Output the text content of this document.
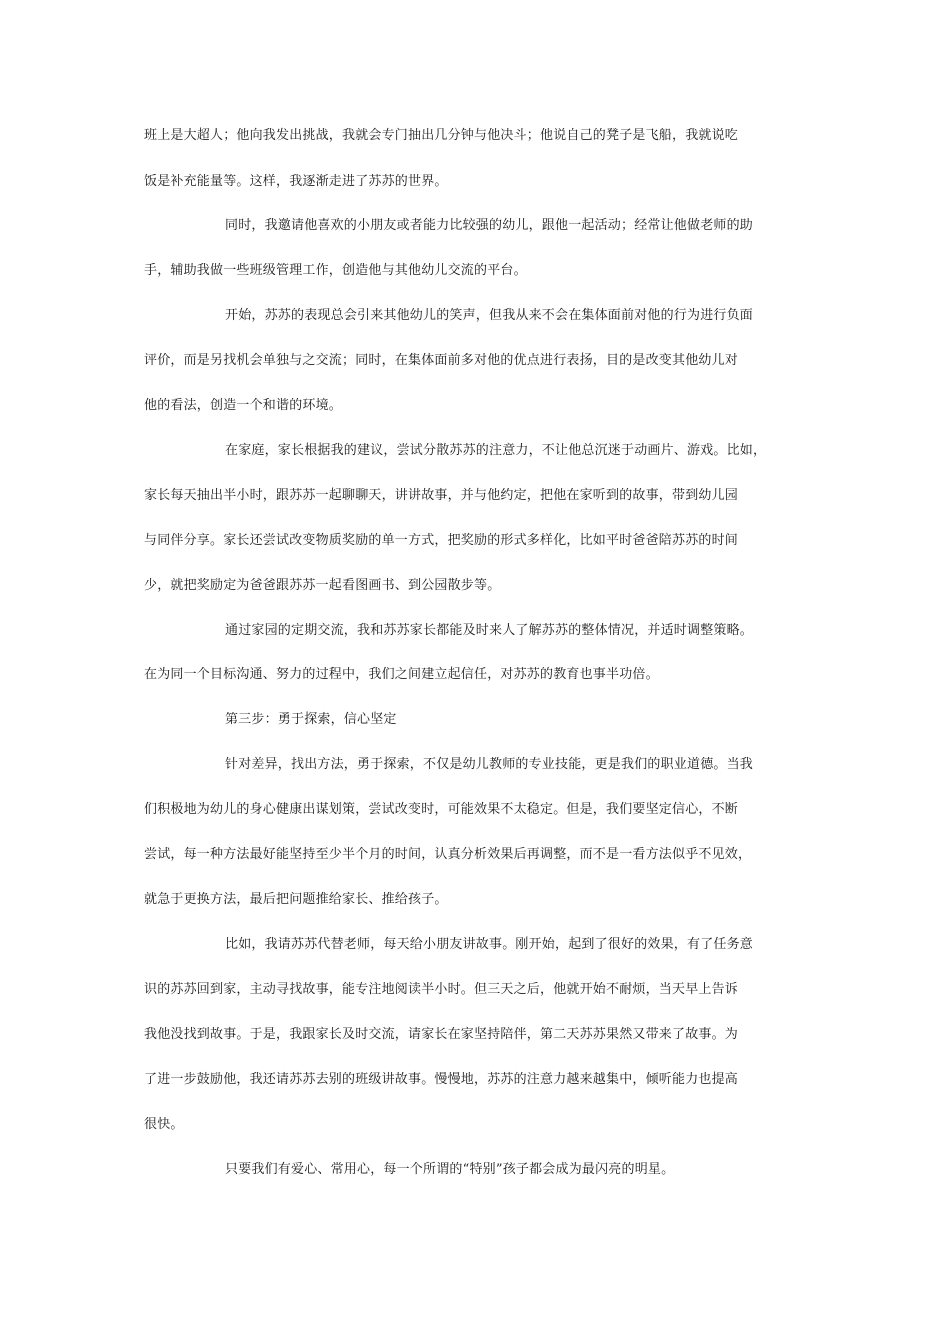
班上是大超人；他向我发出挑战，我就会专门抽出几分钟与他决斗；他说自己的凳子是飞船，我就说吃
饭是补充能量等。这样，我逐渐走进了苏苏的世界。
同时，我邀请他喜欢的小朋友或者能力比较强的幼儿，跟他一起活动；经常让他做老师的助
手，辅助我做一些班级管理工作，创造他与其他幼儿交流的平台。
开始，苏苏的表现总会引来其他幼儿的笑声，但我从来不会在集体面前对他的行为进行负面
评价，而是另找机会单独与之交流；同时，在集体面前多对他的优点进行表扬，目的是改变其他幼儿对
他的看法，创造一个和谐的环境。
在家庭，家长根据我的建议，尝试分散苏苏的注意力，不让他总沉迷于动画片、游戏。比如，
家长每天抽出半小时，跟苏苏一起聊聊天，讲讲故事，并与他约定，把他在家听到的故事，带到幼儿园
与同伴分享。家长还尝试改变物质奖励的单一方式，把奖励的形式多样化，比如平时爸爸陪苏苏的时间
少，就把奖励定为爸爸跟苏苏一起看图画书、到公园散步等。
通过家园的定期交流，我和苏苏家长都能及时来人了解苏苏的整体情况，并适时调整策略。
在为同一个目标沟通、努力的过程中，我们之间建立起信任，对苏苏的教育也事半功倍。
第三步：勇于探索，信心坚定
针对差异，找出方法，勇于探索，不仅是幼儿教师的专业技能，更是我们的职业道德。当我
们积极地为幼儿的身心健康出谋划策，尝试改变时，可能效果不太稳定。但是，我们要坚定信心，不断
尝试，每一种方法最好能坚持至少半个月的时间，认真分析效果后再调整，而不是一看方法似乎不见效，
就急于更换方法，最后把问题推给家长、推给孩子。
比如，我请苏苏代替老师，每天给小朋友讲故事。刚开始，起到了很好的效果，有了任务意
识的苏苏回到家，主动寻找故事，能专注地阅读半小时。但三天之后，他就开始不耐烦，当天早上告诉
我他没找到故事。于是，我跟家长及时交流，请家长在家坚持陪伴，第二天苏苏果然又带来了故事。为
了进一步鼓励他，我还请苏苏去别的班级讲故事。慢慢地，苏苏的注意力越来越集中，倾听能力也提高
很快。
只要我们有爱心、常用心，每一个所谓的“特别”孩子都会成为最闪亮的明星。
